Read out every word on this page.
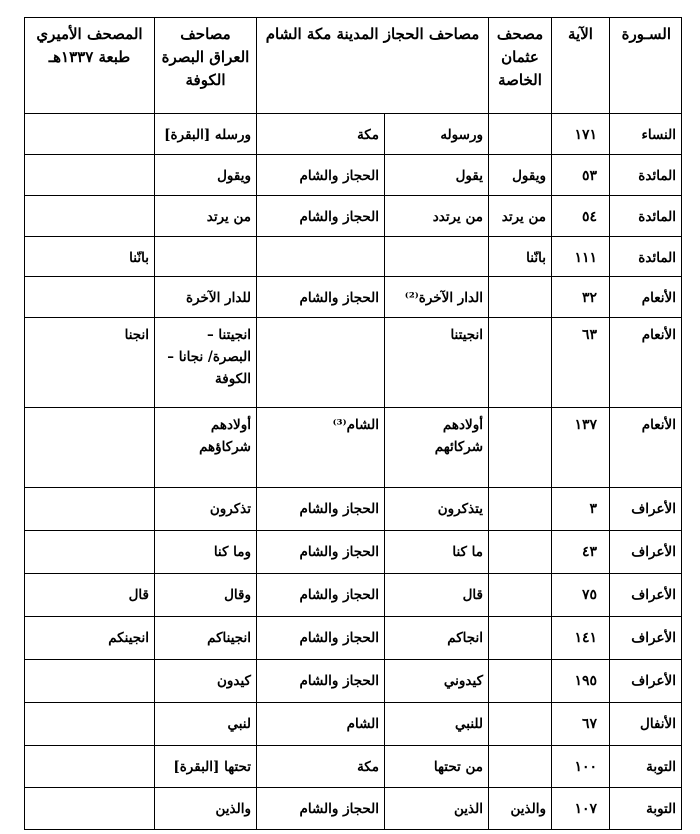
السـورة	الآية	مصحف عثمان الخاصة	مصاحف الحجاز المدينة مكة الشام		مصاحف العراق البصرة الكوفة	المصحف الأميري طبعة ١٣٣٧هـ
النساء	١٧١		ورسوله	مكة	ورسله [البقرة]	
المائدة	٥٣	ويقول	يقول	الحجاز والشام	ويقول	
المائدة	٥٤	من يرتد	من يرتدد	الحجاز والشام	من يرتد	
المائدة	١١١	بانّنا				بانّنا
الأنعام	٣٢		الدار الآخرة⁽²⁾	الحجاز والشام	للدار الآخرة	
الأنعام	٦٣		انجيتنا		انجيتنا – البصرة/ نجانا – الكوفة	انجنا
الأنعام	١٣٧		أولادهم شركائهم	الشام⁽³⁾	أولادهم شركاؤهم	
الأعراف	٣		يتذكرون	الحجاز والشام	تذكرون	
الأعراف	٤٣		ما كنا	الحجاز والشام	وما كنا	
الأعراف	٧٥		قال	الحجاز والشام	وقال	قال
الأعراف	١٤١		انجاكم	الحجاز والشام	انجيناكم	انجينكم
الأعراف	١٩٥		كيدوني	الحجاز والشام	كيدون	
الأنفال	٦٧		للنبي	الشام	لنبي	
التوبة	١٠٠		من تحتها	مكة	تحتها [البقرة]	
التوبة	١٠٧	والذين	الذين	الحجاز والشام	والذين	
